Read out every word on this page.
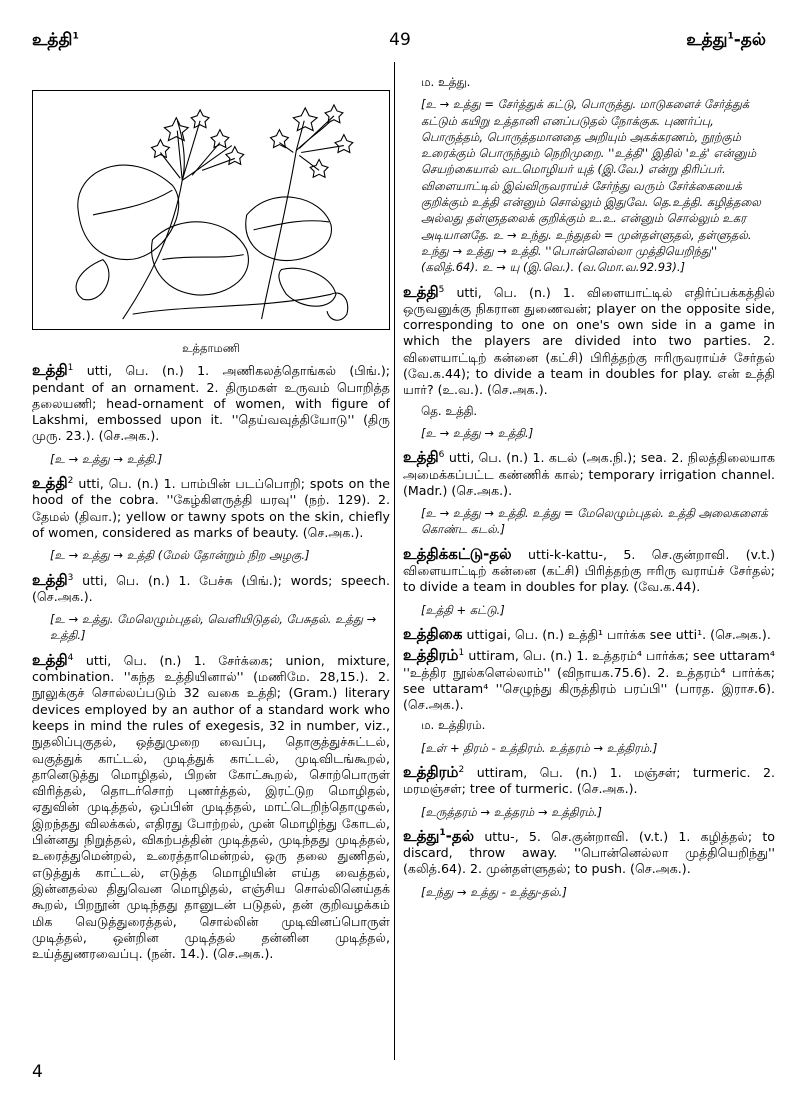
உத்தி$^1$	49	உத்து$^1$-தல்
உத்தாமணி
உத்தி$^1$ utti, பெ. (n.) 1. அணிகலத்தொங்கல் (பிங்.); pendant of an ornament. 2. திருமகள் உருவம் பொறித்த தலையணி; head-ornament of women, with figure of Lakshmi, embossed upon it. ''தெய்வவுத்தியோடு'' (திரு முரு. 23.). (செ.அக.).
[உ → உத்து → உத்தி.]
உத்தி$^2$ utti, பெ. (n.) 1. பாம்பின் படப்பொறி; spots on the hood of the cobra. ''கேழ்கிளருத்தி யரவு'' (நற். 129). 2. தேமல் (திவா.); yellow or tawny spots on the skin, chiefly of women, considered as marks of beauty. (செ.அக.).
[உ → உத்து → உத்தி (மேல் தோன்றும் நிற அழகு.]
உத்தி$^3$ utti, பெ. (n.) 1. பேச்சு (பிங்.); words; speech. (செ.அக.).
[உ → உத்து. மேலெழும்புதல், வெளியிடுதல், பேசுதல். உத்து → உத்தி.]
உத்தி$^4$ utti, பெ. (n.) 1. சேர்க்கை; union, mixture, combination. ''கந்த உத்தியினால்'' (மணிமே. 28,15.). 2. நூலுக்குச் சொல்லப்படும் 32 வகை உத்தி; (Gram.) literary devices employed by an author of a standard work who keeps in mind the rules of exegesis, 32 in number, viz., நுதலிப்புகுதல், ஒத்துமுறை வைப்பு, தொகுத்துச்சுட்டல், வகுத்துக் காட்டல், முடித்துக் காட்டல், முடிவிடங்கூறல், தானெடுத்து மொழிதல், பிறன் கோட்கூறல், சொற்பொருள் விரித்தல், தொடர்சொற் புணர்த்தல், இரட்டுற மொழிதல், ஏதுவின் முடித்தல், ஒப்பின் முடித்தல், மாட்டெறிந்தொழுகல், இறந்தது விலக்கல், எதிரது போற்றல், முன் மொழிந்து கோடல், பின்னது நிறுத்தல், விகற்பத்தின் முடித்தல், முடிந்தது முடித்தல், உரைத்துமென்றல், உரைத்தாமென்றல், ஒரு தலை துணிதல், எடுத்துக் காட்டல், எடுத்த மொழியின் எய்த வைத்தல், இன்னதல்ல திதுவென மொழிதல், எஞ்சிய சொல்லினெய்தக் கூறல், பிறநூன் முடிந்தது தானுடன் படுதல், தன் குறிவழக்கம் மிக வெடுத்துரைத்தல், சொல்லின் முடிவினப்பொருள் முடித்தல், ஒன்றின முடித்தல் தன்னின முடித்தல், உய்த்துணரவைப்பு. (நன். 14.). (செ.அக.).
ம. உத்து.
[உ → உத்து = சேர்த்துக் கட்டு, பொருத்து. மாடுகளைச் சேர்த்துக் கட்டும் கயிறு உத்தானி எனப்படுதல் நோக்குக. புணர்ப்பு, பொருத்தம், பொருத்தமானதை அறியும் அகக்கரணம், நூற்கும் உரைக்கும் பொருந்தும் நெறிமுறை. ''உத்தி'' இதில் 'உத்' என்னும் செயற்கையால் வடமொழியர் யுத் (இ.வே.) என்று திரிப்பர். விளையாட்டில் இவ்விருவராய்ச் சேர்ந்து வரும் சேர்க்கையைக் குறிக்கும் உத்தி என்னும் சொல்லும் இதுவே. தெ.உத்தி. கழித்தலை அல்லது தள்ளுதலைக் குறிக்கும் உ.உ. என்னும் சொல்லும் உகர அடியானதே. உ → உந்து. உந்துதல் = முன்தள்ளுதல், தள்ளுதல். உந்து → உத்து → உத்தி. ''பொன்னெல்லா முத்தியெறிந்து'' (கலித்.64). உ → யு (இ.வெ.). (வ.மொ.வ.92.93).]
உத்தி$^5$ utti, பெ. (n.) 1. விளையாட்டில் எதிர்ப்பக்கத்தில் ஒருவனுக்கு நிகரான துணைவன்; player on the opposite side, corresponding to one on one's own side in a game in which the players are divided into two parties. 2. விளையாட்டிற் கன்னை (கட்சி) பிரித்தற்கு ஈரிருவராய்ச் சேர்தல் (வே.க.44); to divide a team in doubles for play. என் உத்தி யார்? (உ.வ.). (செ.அக.).
தெ. உத்தி.
[உ → உத்து → உத்தி.]
உத்தி$^6$ utti, பெ. (n.) 1. கடல் (அக.நி.); sea. 2. நிலத்திலையாக அமைக்கப்பட்ட கண்ணிக் கால்; temporary irrigation channel. (Madr.) (செ.அக.).
[உ → உத்து → உத்தி. உத்து = மேலெழும்புதல். உத்தி அலைகளைக் கொண்ட கடல்.]
உத்திக்கட்டு-தல் utti-k-kattu-, 5. செ.குன்றாவி. (v.t.) விளையாட்டிற் கன்னை (கட்சி) பிரித்தற்கு ஈரிரு வராய்ச் சேர்தல்; to divide a team in doubles for play. (வே.க.44).
[உத்தி + கட்டு.]
உத்திகை uttigai, பெ. (n.) உத்தி¹ பார்க்க see utti¹. (செ.அக.).
உத்திரம்$^1$ uttiram, பெ. (n.) 1. உத்தரம்⁴ பார்க்க; see uttaram⁴ ''உத்திர நூல்களெல்லாம்'' (விநாயக.75.6). 2. உத்தரம்⁴ பார்க்க; see uttaram⁴ ''செழுந்து கிருத்திரம் பரப்பி'' (பாரத. இராச.6). (செ.அக.).
ம. உத்திரம்.
[உள் + திரம் - உத்திரம். உத்தரம் → உத்திரம்.]
உத்திரம்$^2$ uttiram, பெ. (n.) 1. மஞ்சள்; turmeric. 2. மரமஞ்சள்; tree of turmeric. (செ.அக.).
[உருத்தரம் → உத்தரம் → உத்திரம்.]
உத்து$^1$-தல் uttu-, 5. செ.குன்றாவி. (v.t.) 1. கழித்தல்; to discard, throw away. ''பொன்னெல்லா முத்தியெறிந்து'' (கலித்.64). 2. முன்தள்ளுதல்; to push. (செ.அக.).
[உந்து → உத்து - உத்து-தல்.]
4
